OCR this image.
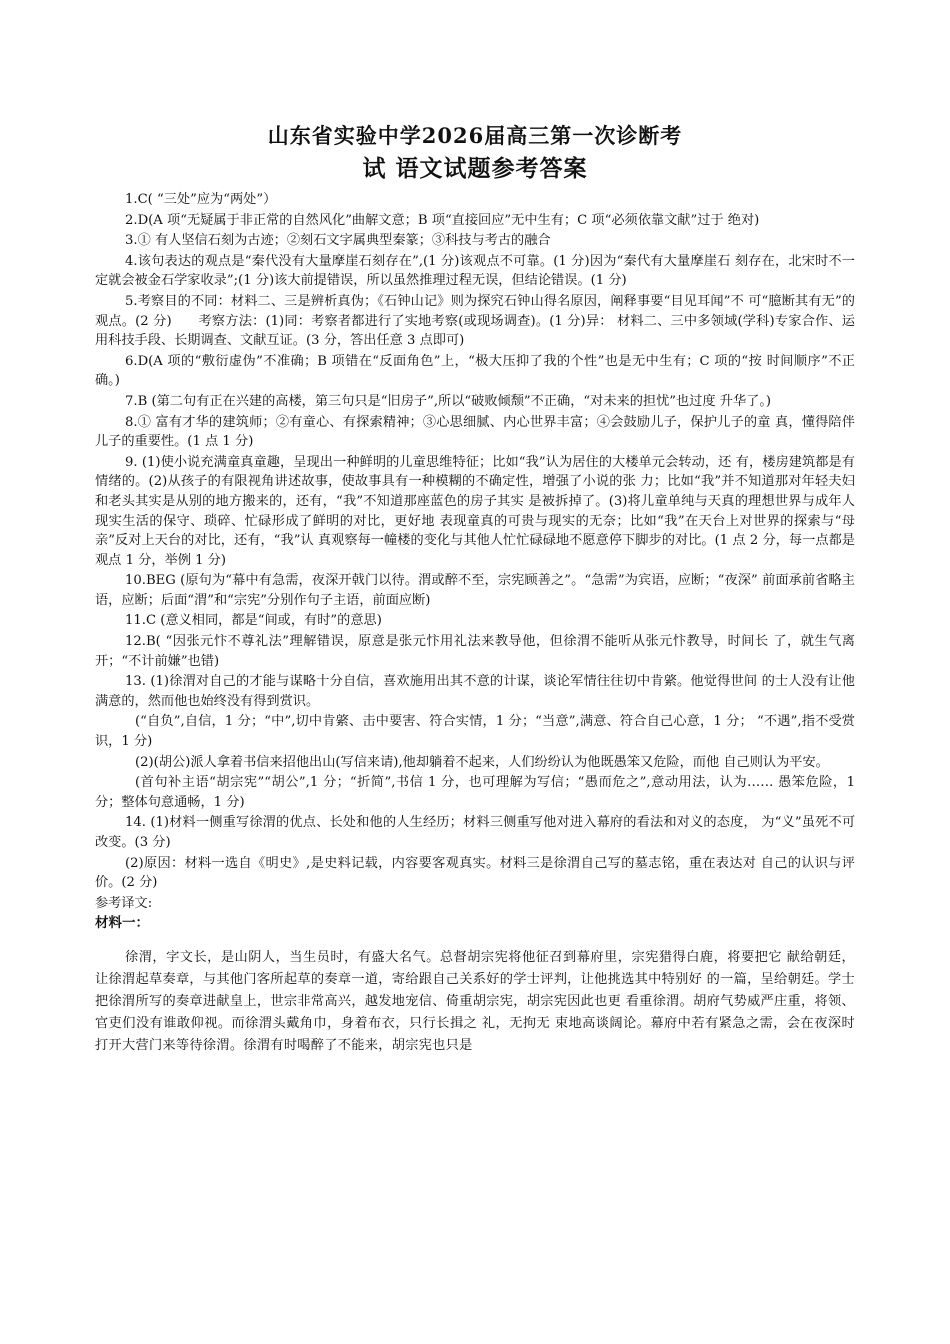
山东省实验中学2026届高三第一次诊断考
试 语文试题参考答案

1.C( “三处”应为“两处”）

2.D(A 项“无疑属于非正常的自然风化”曲解文意；B 项“直接回应”无中生有；C 项“必须依靠文献”过于 绝对)

3.① 有人坚信石刻为古迹；②刻石文字属典型秦篆；③科技与考古的融合

4.该句表达的观点是“秦代没有大量摩崖石刻存在”,(1 分)该观点不可靠。(1 分)因为“秦代有大量摩崖石 刻存在，北宋时不一定就会被金石学家收录”;(1 分)该大前提错误，所以虽然推理过程无误，但结论错误。(1 分)

5.考察目的不同：材料二、三是辨析真伪；《石钟山记》则为探究石钟山得名原因，阐释事要“目见耳闻”不 可“臆断其有无”的观点。(2 分)　　考察方法：(1)同：考察者都进行了实地考察(或现场调查)。(1 分)异： 材料二、三中多领域(学科)专家合作、运用科技手段、长期调查、文献互证。(3 分，答出任意 3 点即可)

6.D(A 项的“敷衍虚伪”不准确；B 项错在“反面角色”上，“极大压抑了我的个性”也是无中生有；C 项的“按 时间顺序”不正确。)

7.B (第二句有正在兴建的高楼，第三句只是“旧房子”,所以“破败倾颓”不正确，“对未来的担忧”也过度 升华了。)

8.① 富有才华的建筑师；②有童心、有探索精神；③心思细腻、内心世界丰富；④会鼓励儿子，保护儿子的童 真，懂得陪伴儿子的重要性。(1 点 1 分)

9. (1)使小说充满童真童趣，呈现出一种鲜明的儿童思维特征；比如“我”认为居住的大楼单元会转动，还 有，楼房建筑都是有情绪的。(2)从孩子的有限视角讲述故事，使故事具有一种模糊的不确定性，增强了小说的张 力；比如“我”并不知道那对年轻夫妇和老头其实是从别的地方搬来的，还有，“我”不知道那座蓝色的房子其实 是被拆掉了。(3)将儿童单纯与天真的理想世界与成年人现实生活的保守、琐碎、忙碌形成了鲜明的对比，更好地 表现童真的可贵与现实的无奈；比如“我”在天台上对世界的探索与“母亲”反对上天台的对比，还有，“我”认 真观察每一幢楼的变化与其他人忙忙碌碌地不愿意停下脚步的对比。(1 点 2 分，每一点都是观点 1 分，举例 1 分)

10.BEG (原句为“幕中有急需，夜深开戟门以待。渭或醉不至，宗宪顾善之”。“急需”为宾语，应断；“夜深” 前面承前省略主语，应断；后面“渭”和“宗宪”分别作句子主语，前面应断)

11.C (意义相同，都是“间或，有时”的意思)

12.B( “因张元忭不尊礼法”理解错误，原意是张元忭用礼法来教导他，但徐渭不能听从张元忭教导，时间长 了，就生气离开；“不计前嫌”也错)

13. (1)徐渭对自己的才能与谋略十分自信，喜欢施用出其不意的计谋，谈论军情往往切中肯綮。他觉得世间 的士人没有让他满意的，然而他也始终没有得到赏识。

(“自负”,自信，1 分；“中”,切中肯綮、击中要害、符合实情，1 分；“当意”,满意、符合自己心意，1 分； “不遇”,指不受赏识，1 分)

(2)(胡公)派人拿着书信来招他出山(写信来请),他却躺着不起来，人们纷纷认为他既愚笨又危险，而他 自己则认为平安。

(首句补主语“胡宗宪”“胡公”,1 分；“折简”,书信 1 分，也可理解为写信；“愚而危之”,意动用法，认为…… 愚笨危险，1 分；整体句意通畅，1 分)

14. (1)材料一侧重写徐渭的优点、长处和他的人生经历；材料三侧重写他对进入幕府的看法和对义的态度， 为“义”虽死不可改变。(3 分)

(2)原因：材料一选自《明史》,是史料记载，内容要客观真实。材料三是徐渭自己写的墓志铭，重在表达对 自己的认识与评价。(2 分)

参考译文:

材料一：

徐渭，字文长，是山阴人，当生员时，有盛大名气。总督胡宗宪将他征召到幕府里，宗宪猎得白鹿，将要把它 献给朝廷，让徐渭起草奏章，与其他门客所起草的奏章一道，寄给跟自己关系好的学士评判，让他挑选其中特别好 的一篇，呈给朝廷。学士把徐渭所写的奏章进献皇上，世宗非常高兴，越发地宠信、倚重胡宗宪，胡宗宪因此也更 看重徐渭。胡府气势威严庄重，将领、官吏们没有谁敢仰视。而徐渭头戴角巾，身着布衣，只行长揖之 礼，无拘无 束地高谈阔论。幕府中若有紧急之需，会在夜深时打开大营门来等待徐渭。徐渭有时喝醉了不能来，胡宗宪也只是
